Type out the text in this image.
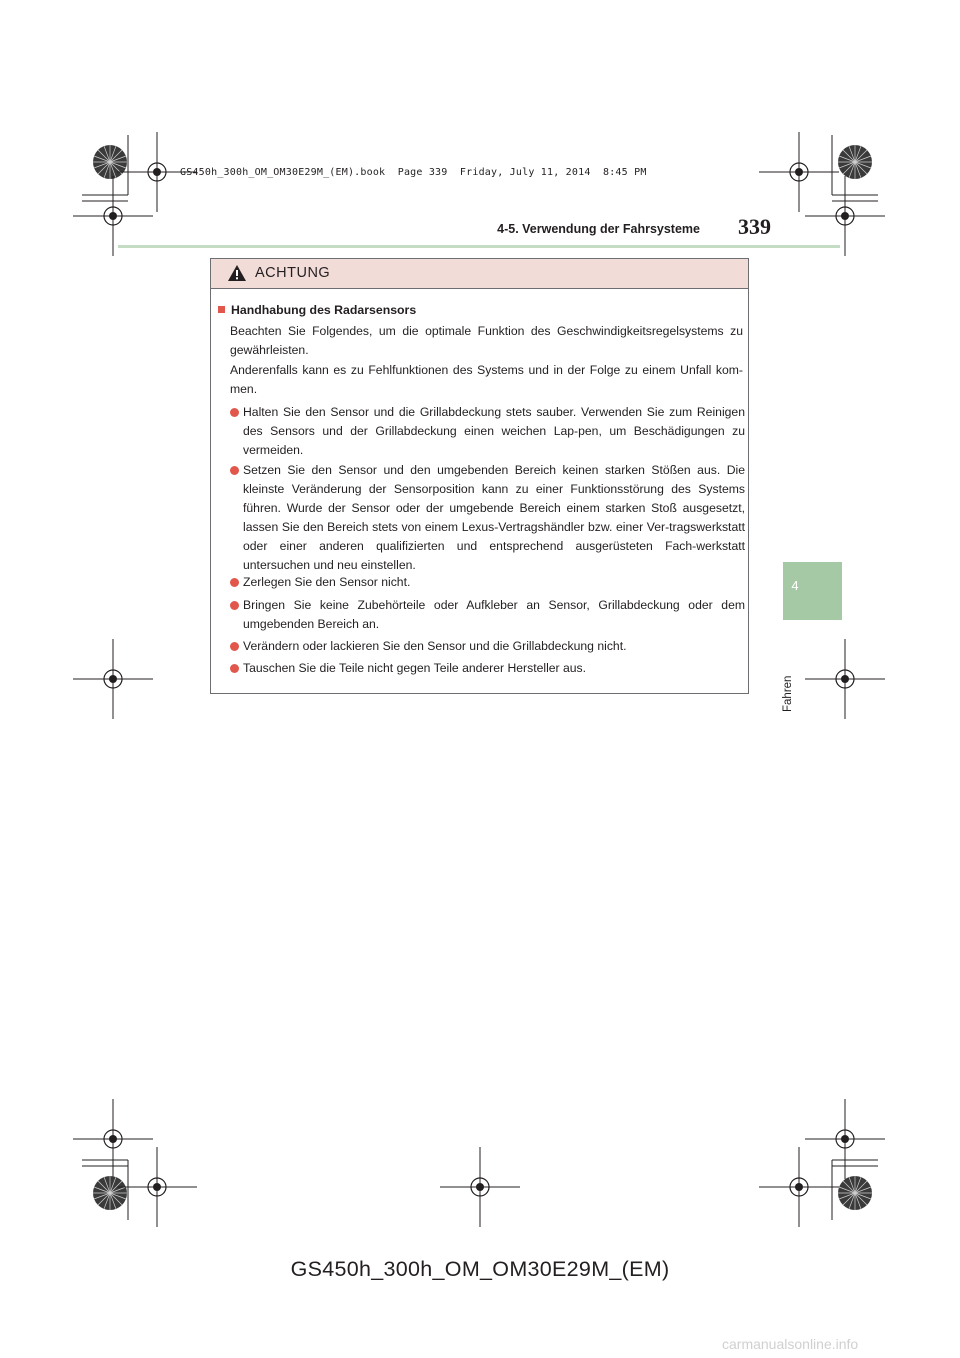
GS450h_300h_OM_OM30E29M_(EM).book  Page 339  Friday, July 11, 2014  8:45 PM
4-5. Verwendung der Fahrsysteme 339
4
Fahren
ACHTUNG
Handhabung des Radarsensors
Beachten Sie Folgendes, um die optimale Funktion des Geschwindigkeitsregelsystems zu gewährleisten.
Anderenfalls kann es zu Fehlfunktionen des Systems und in der Folge zu einem Unfall kom-men.
Halten Sie den Sensor und die Grillabdeckung stets sauber. Verwenden Sie zum Reinigen des Sensors und der Grillabdeckung einen weichen Lap-pen, um Beschädigungen zu vermeiden.
Setzen Sie den Sensor und den umgebenden Bereich keinen starken Stößen aus. Die kleinste Veränderung der Sensorposition kann zu einer Funktionsstörung des Systems führen. Wurde der Sensor oder der umgebende Bereich einem starken Stoß ausgesetzt, lassen Sie den Bereich stets von einem Lexus-Vertragshändler bzw. einer Ver-tragswerkstatt oder einer anderen qualifizierten und entsprechend ausgerüsteten Fach-werkstatt untersuchen und neu einstellen.
Zerlegen Sie den Sensor nicht.
Bringen Sie keine Zubehörteile oder Aufkleber an Sensor, Grillabdeckung oder dem umgebenden Bereich an.
Verändern oder lackieren Sie den Sensor und die Grillabdeckung nicht.
Tauschen Sie die Teile nicht gegen Teile anderer Hersteller aus.
GS450h_300h_OM_OM30E29M_(EM)
carmanualsonline.info
